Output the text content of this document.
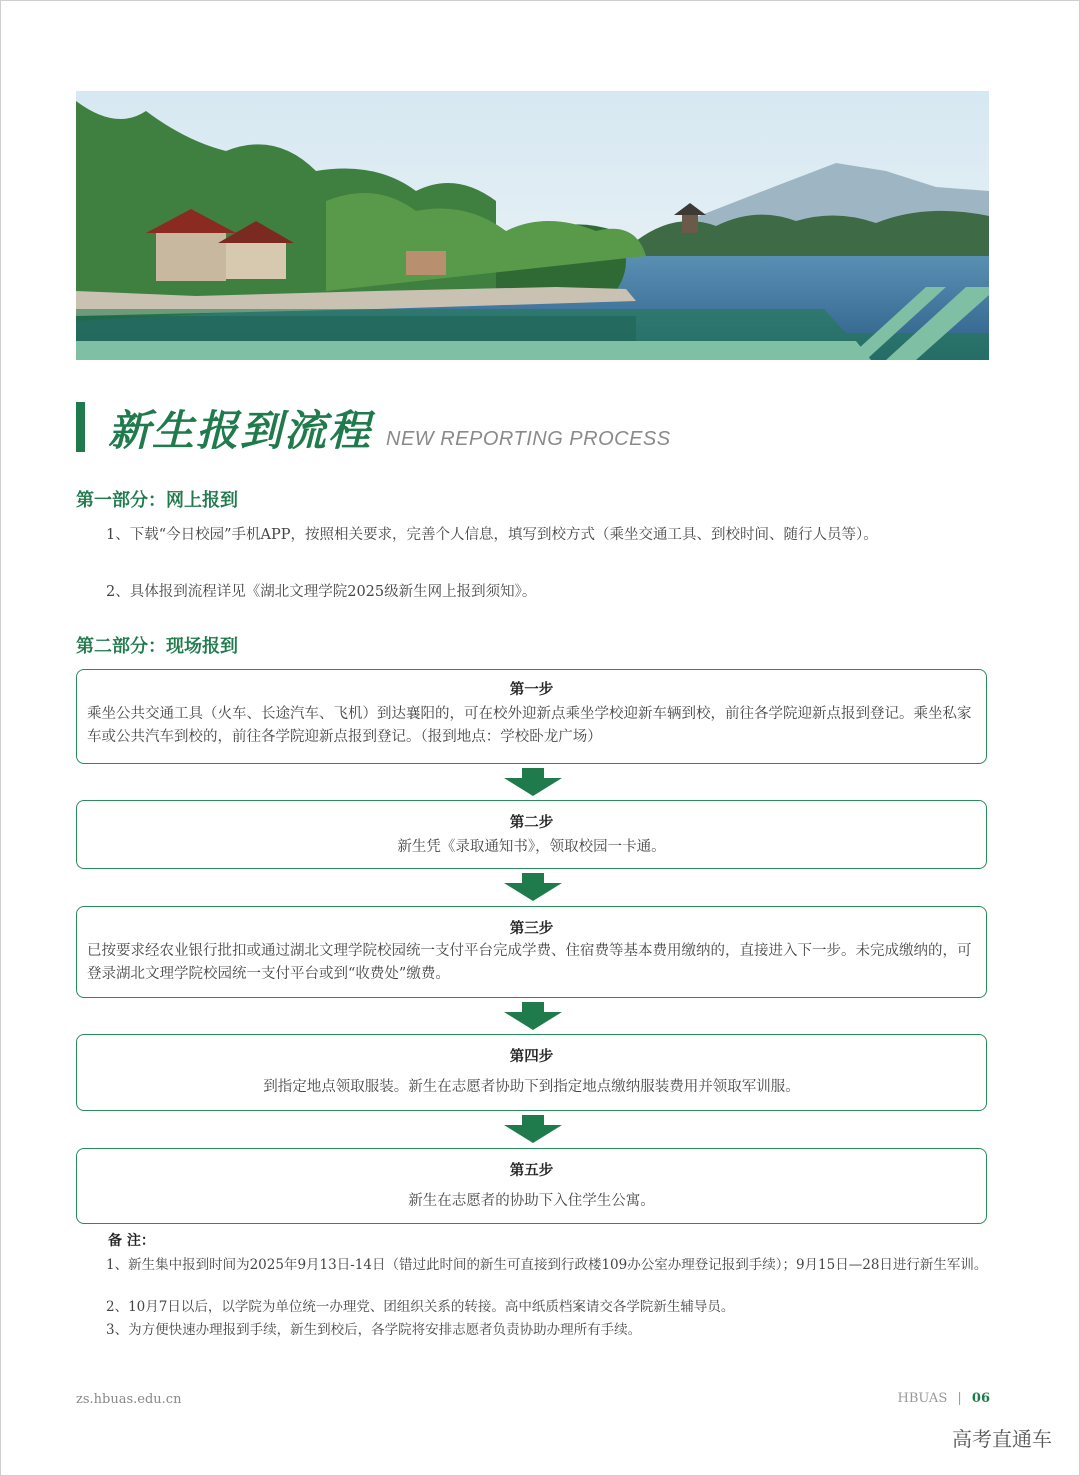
新生报到流程 NEW REPORTING PROCESS
第一部分：网上报到
1、下载“今日校园”手机APP，按照相关要求，完善个人信息，填写到校方式（乘坐交通工具、到校时间、随行人员等）。
2、具体报到流程详见《湖北文理学院2025级新生网上报到须知》。
第二部分：现场报到
第一步
乘坐公共交通工具（火车、长途汽车、飞机）到达襄阳的，可在校外迎新点乘坐学校迎新车辆到校，前往各学院迎新点报到登记。乘坐私家车或公共汽车到校的，前往各学院迎新点报到登记。（报到地点：学校卧龙广场）
第二步
新生凭《录取通知书》，领取校园一卡通。
第三步
已按要求经农业银行批扣或通过湖北文理学院校园统一支付平台完成学费、住宿费等基本费用缴纳的，直接进入下一步。未完成缴纳的，可登录湖北文理学院校园统一支付平台或到“收费处”缴费。
第四步
到指定地点领取服装。新生在志愿者协助下到指定地点缴纳服装费用并领取军训服。
第五步
新生在志愿者的协助下入住学生公寓。
备 注：
1、新生集中报到时间为2025年9月13日-14日（错过此时间的新生可直接到行政楼109办公室办理登记报到手续）；9月15日—28日进行新生军训。
2、10月7日以后，以学院为单位统一办理党、团组织关系的转接。高中纸质档案请交各学院新生辅导员。
3、为方便快速办理报到手续，新生到校后，各学院将安排志愿者负责协助办理所有手续。
zs.hbuas.edu.cn	HBUAS | 06
高考直通车
